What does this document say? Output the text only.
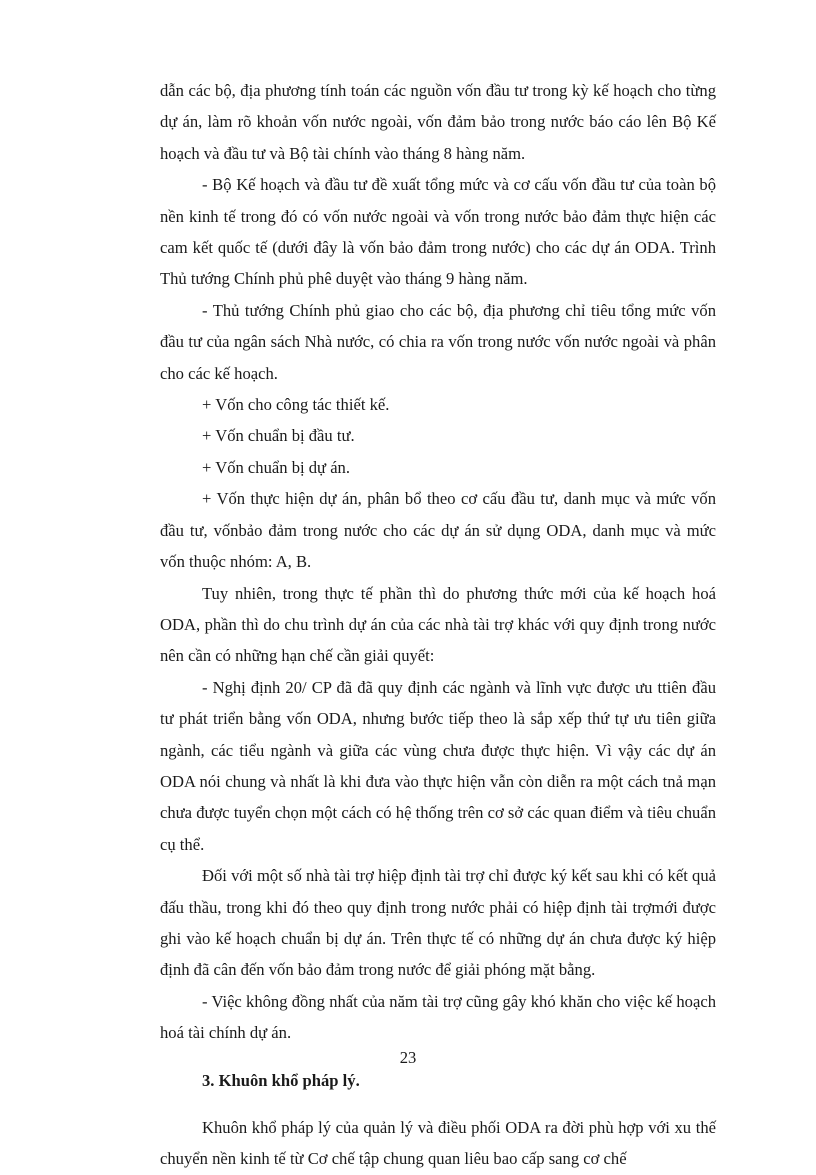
dẫn các bộ, địa phương tính toán các nguồn vốn đầu tư trong kỳ kế hoạch cho từng dự án, làm rõ khoản vốn nước ngoài, vốn đảm bảo trong nước báo cáo lên Bộ Kế hoạch và đầu tư và Bộ tài chính vào tháng 8 hàng năm.

- Bộ Kế hoạch và đầu tư đề xuất tổng mức và cơ cấu vốn đầu tư của toàn bộ nền kinh tế trong đó có vốn nước ngoài và vốn trong nước bảo đảm thực hiện các cam kết quốc tế (dưới đây là vốn bảo đảm trong nước) cho các dự án ODA. Trình Thủ tướng Chính phủ phê duyệt vào tháng 9 hàng năm.

- Thủ tướng Chính phủ giao cho các bộ, địa phương chỉ tiêu tổng mức vốn đầu tư của ngân sách Nhà nước, có chia ra vốn trong nước vốn nước ngoài và phân cho các kế hoạch.

+ Vốn cho công tác thiết kế.

+ Vốn chuẩn bị đầu tư.

+ Vốn chuẩn bị dự án.

+ Vốn thực hiện dự án, phân bổ theo cơ cấu đầu tư, danh mục và mức vốn đầu tư, vốnbảo đảm trong nước cho các dự án sử dụng ODA, danh mục và mức vốn thuộc nhóm: A, B.

Tuy nhiên, trong thực tế phần thì do phương thức mới của kế hoạch hoá ODA, phần thì do chu trình dự án của các nhà tài trợ khác với quy định trong nước nên cần có những hạn chế cần giải quyết:

- Nghị định 20/ CP đã đã quy định các ngành và lĩnh vực được ưu ttiên đầu tư phát triển bằng vốn ODA, nhưng bước tiếp theo là sắp xếp thứ tự ưu tiên giữa ngành, các tiểu ngành và giữa các vùng chưa được thực hiện. Vì vậy các dự án ODA nói chung và nhất là khi đưa vào thực hiện vẫn còn diễn ra một cách tnả mạn chưa được tuyển chọn một cách có hệ thống trên cơ sở các quan điểm và tiêu chuẩn cụ thể.

Đối với một số nhà tài trợ hiệp định tài trợ chỉ được ký kết sau khi có kết quả đấu thầu, trong khi đó theo quy định trong nước phải có hiệp định tài trợmới được ghi vào kế hoạch chuẩn bị dự án. Trên thực tế có những dự án chưa được ký hiệp định đã cân đến vốn bảo đảm trong nước để giải phóng mặt bằng.

- Việc không đồng nhất của năm tài trợ cũng gây khó khăn cho việc kế hoạch hoá tài chính dự án.

3. Khuôn khổ pháp lý.

Khuôn khổ pháp lý của quản lý và điều phối ODA ra đời phù hợp với xu thế chuyển nền kinh tế từ Cơ chế tập chung quan liêu bao cấp sang cơ chế

23
